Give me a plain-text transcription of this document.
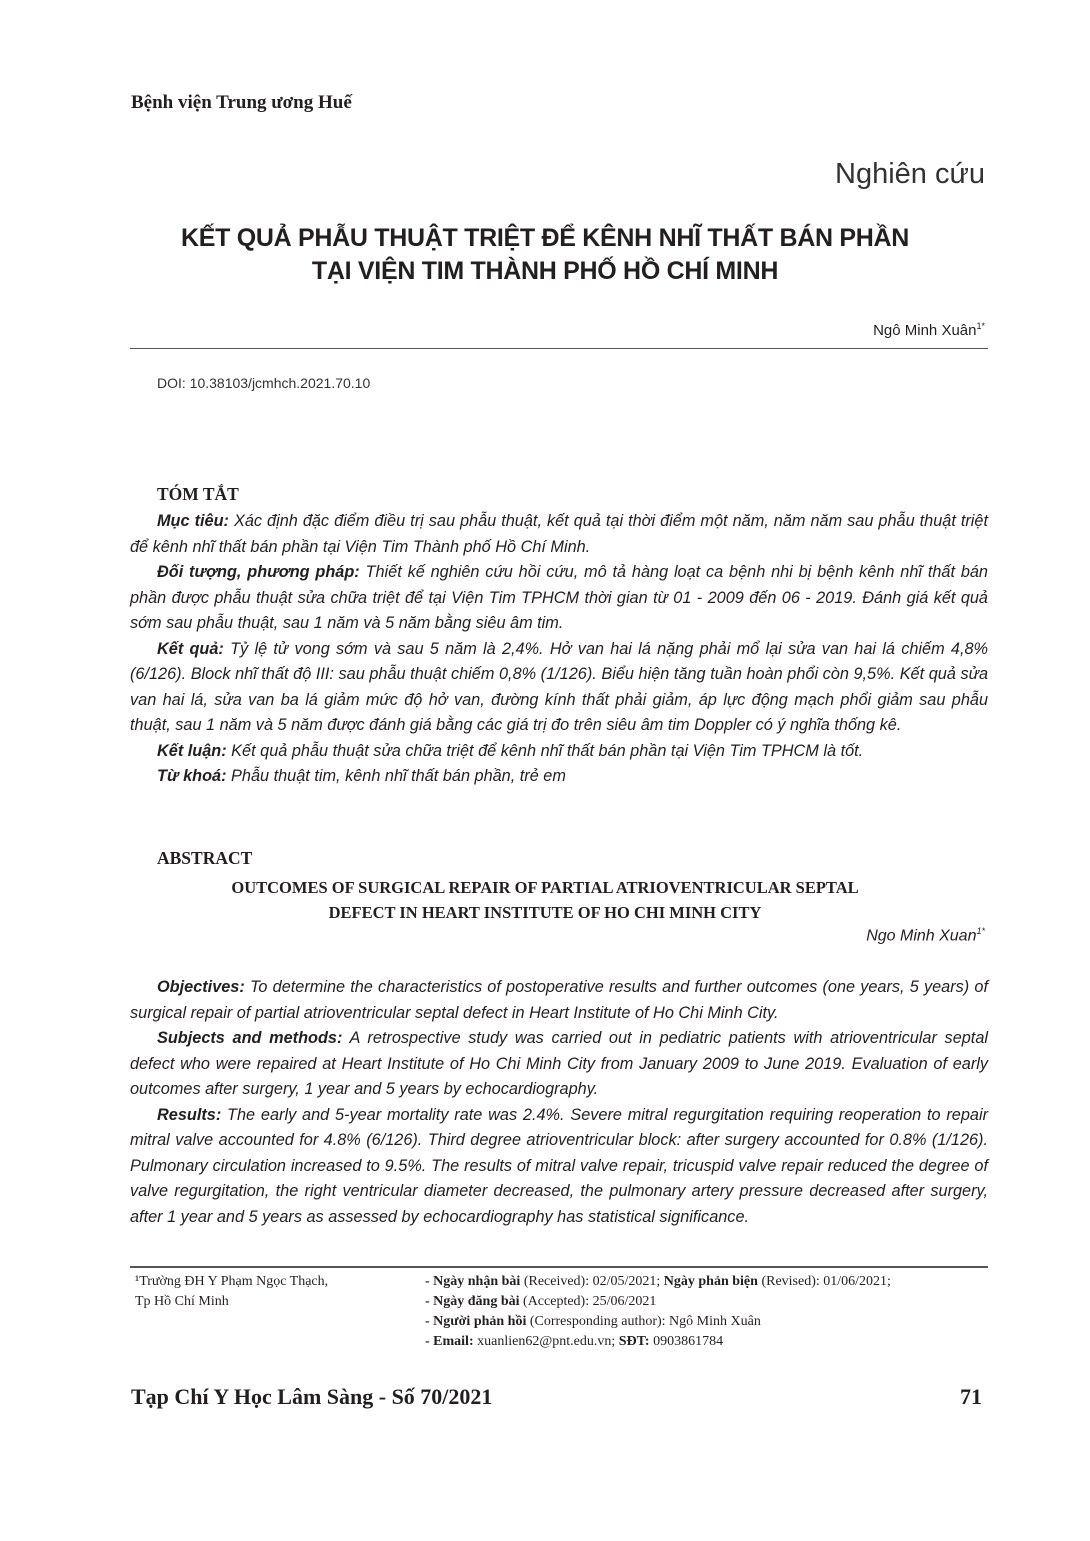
Bệnh viện Trung ương Huế
Nghiên cứu
KẾT QUẢ PHẪU THUẬT TRIỆT ĐỂ KÊNH NHĨ THẤT BÁN PHẦN
TẠI VIỆN TIM THÀNH PHỐ HỒ CHÍ MINH
Ngô Minh Xuân$^{1*}$
DOI: 10.38103/jcmhch.2021.70.10
TÓM TẮT

Mục tiêu: Xác định đặc điểm điều trị sau phẫu thuật, kết quả tại thời điểm một năm, năm năm sau phẫu thuật triệt để kênh nhĩ thất bán phần tại Viện Tim Thành phố Hồ Chí Minh.

Đối tượng, phương pháp: Thiết kế nghiên cứu hồi cứu, mô tả hàng loạt ca bệnh nhi bị bệnh kênh nhĩ thất bán phần được phẫu thuật sửa chữa triệt để tại Viện Tim TPHCM thời gian từ 01 - 2009 đến 06 - 2019. Đánh giá kết quả sớm sau phẫu thuật, sau 1 năm và 5 năm bằng siêu âm tim.

Kết quả: Tỷ lệ tử vong sớm và sau 5 năm là 2,4%. Hở van hai lá nặng phải mổ lại sửa van hai lá chiếm 4,8% (6/126). Block nhĩ thất độ III: sau phẫu thuật chiếm 0,8% (1/126). Biểu hiện tăng tuần hoàn phổi còn 9,5%. Kết quả sửa van hai lá, sửa van ba lá giảm mức độ hở van, đường kính thất phải giảm, áp lực động mạch phổi giảm sau phẫu thuật, sau 1 năm và 5 năm được đánh giá bằng các giá trị đo trên siêu âm tim Doppler có ý nghĩa thống kê.

Kết luận: Kết quả phẫu thuật sửa chữa triệt để kênh nhĩ thất bán phần tại Viện Tim TPHCM là tốt.

Từ khoá: Phẫu thuật tim, kênh nhĩ thất bán phần, trẻ em

ABSTRACT
OUTCOMES OF SURGICAL REPAIR OF PARTIAL ATRIOVENTRICULAR SEPTAL
DEFECT IN HEART INSTITUTE OF HO CHI MINH CITY
Ngo Minh Xuan$^{1*}$

Objectives: To determine the characteristics of postoperative results and further outcomes (one years, 5 years) of surgical repair of partial atrioventricular septal defect in Heart Institute of Ho Chi Minh City.

Subjects and methods: A retrospective study was carried out in pediatric patients with atrioventricular septal defect who were repaired at Heart Institute of Ho Chi Minh City from January 2009 to June 2019. Evaluation of early outcomes after surgery, 1 year and 5 years by echocardiography.

Results: The early and 5-year mortality rate was 2.4%. Severe mitral regurgitation requiring reoperation to repair mitral valve accounted for 4.8% (6/126). Third degree atrioventricular block: after surgery accounted for 0.8% (1/126). Pulmonary circulation increased to 9.5%. The results of mitral valve repair, tricuspid valve repair reduced the degree of valve regurgitation, the right ventricular diameter decreased, the pulmonary artery pressure decreased after surgery, after 1 year and 5 years as assessed by echocardiography has statistical significance.

¹Trường ĐH Y Phạm Ngọc Thạch,
Tp Hồ Chí Minh
- Ngày nhận bài (Received): 02/05/2021; Ngày phản biện (Revised): 01/06/2021;
- Ngày đăng bài (Accepted): 25/06/2021
- Người phản hồi (Corresponding author): Ngô Minh Xuân
- Email: xuanlien62@pnt.edu.vn; SĐT: 0903861784
Tạp Chí Y Học Lâm Sàng - Số 70/2021	71
